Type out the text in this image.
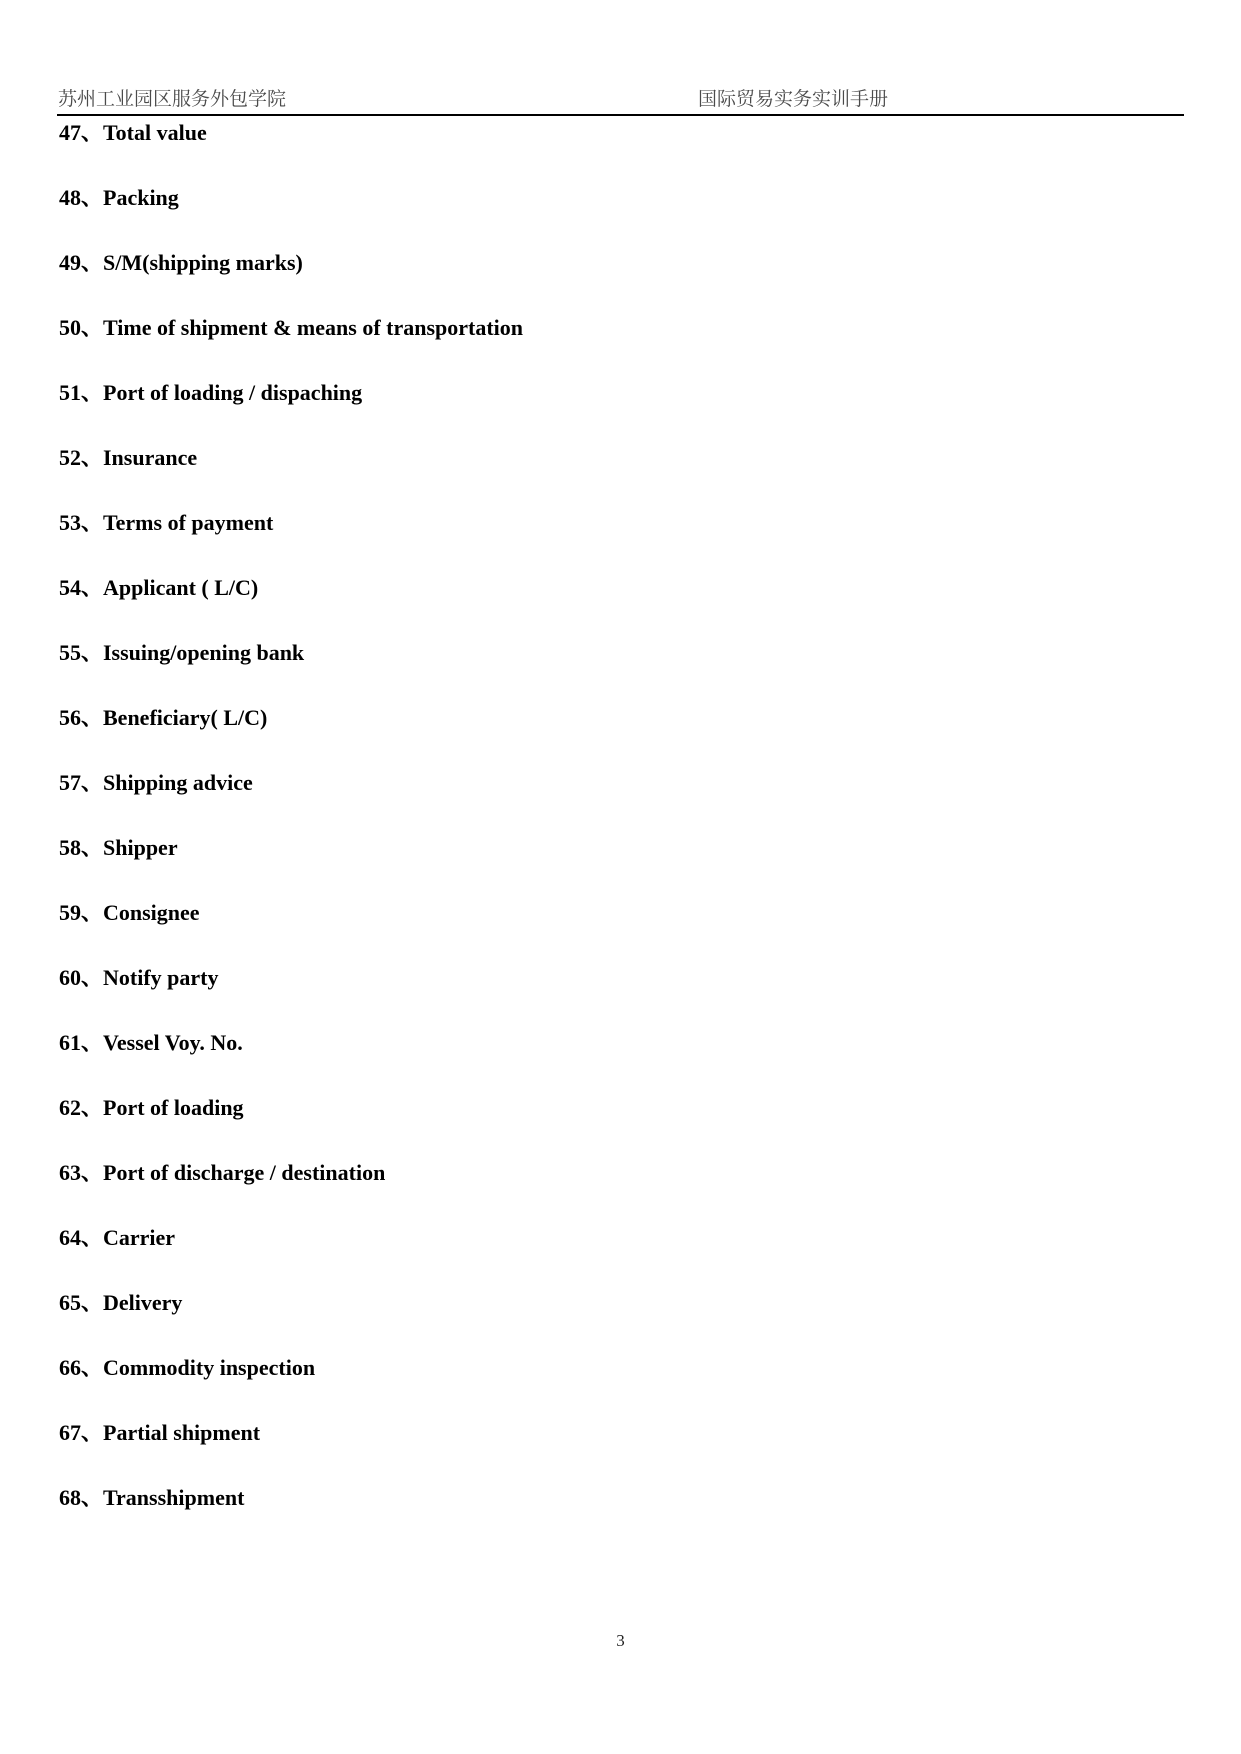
苏州工业园区服务外包学院	国际贸易实务实训手册
47、Total value
48、Packing
49、S/M(shipping marks)
50、Time of shipment & means of transportation
51、Port of loading / dispaching
52、Insurance
53、Terms of payment
54、Applicant ( L/C)
55、Issuing/opening bank
56、Beneficiary( L/C)
57、Shipping advice
58、Shipper
59、Consignee
60、Notify party
61、Vessel Voy. No.
62、Port of loading
63、Port of discharge / destination
64、Carrier
65、Delivery
66、Commodity inspection
67、Partial shipment
68、Transshipment
3
